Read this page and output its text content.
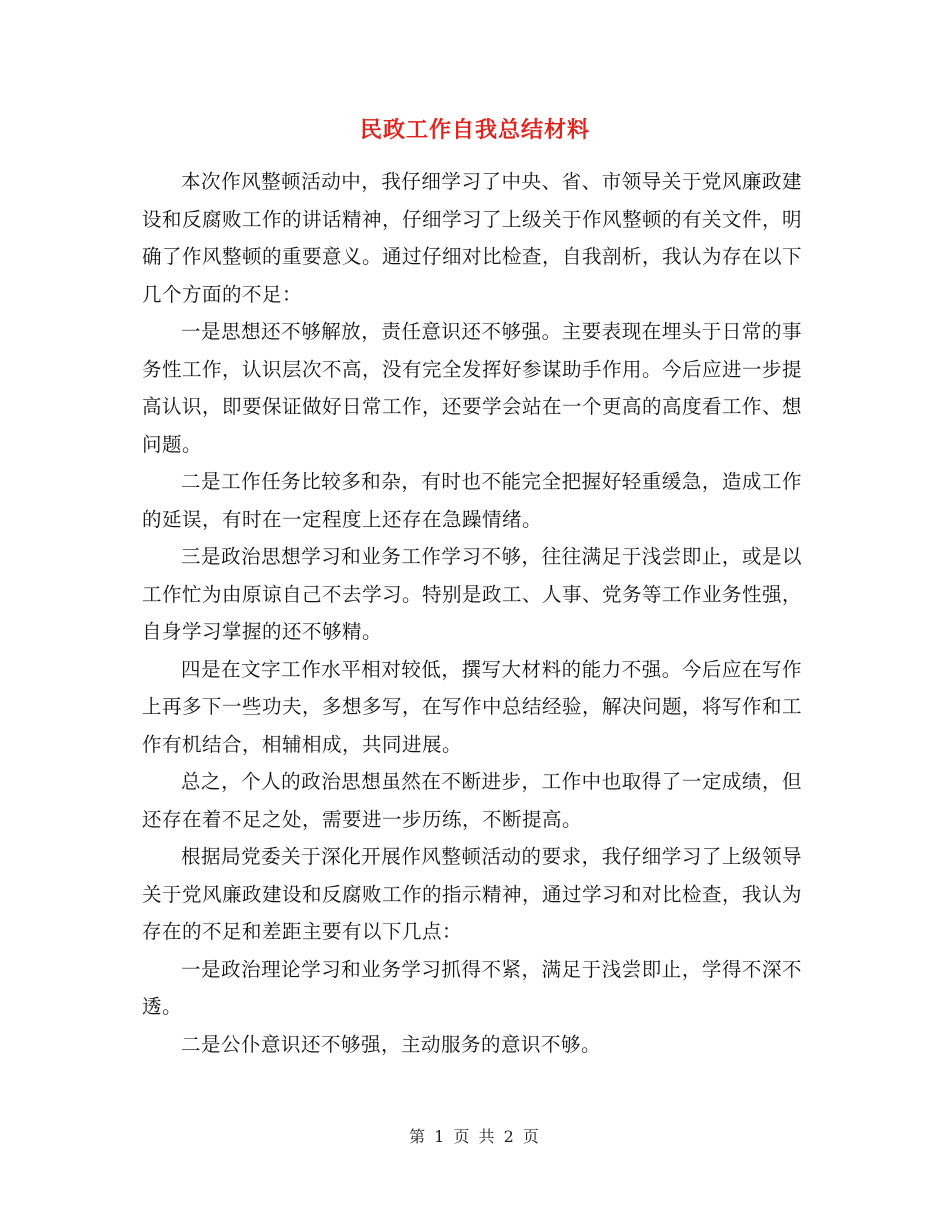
民政工作自我总结材料

本次作风整顿活动中，我仔细学习了中央、省、市领导关于党风廉政建设和反腐败工作的讲话精神，仔细学习了上级关于作风整顿的有关文件，明确了作风整顿的重要意义。通过仔细对比检查，自我剖析，我认为存在以下几个方面的不足：

一是思想还不够解放，责任意识还不够强。主要表现在埋头于日常的事务性工作，认识层次不高，没有完全发挥好参谋助手作用。今后应进一步提高认识，即要保证做好日常工作，还要学会站在一个更高的高度看工作、想问题。

二是工作任务比较多和杂，有时也不能完全把握好轻重缓急，造成工作的延误，有时在一定程度上还存在急躁情绪。

三是政治思想学习和业务工作学习不够，往往满足于浅尝即止，或是以工作忙为由原谅自己不去学习。特别是政工、人事、党务等工作业务性强，自身学习掌握的还不够精。

四是在文字工作水平相对较低，撰写大材料的能力不强。今后应在写作上再多下一些功夫，多想多写，在写作中总结经验，解决问题，将写作和工作有机结合，相辅相成，共同进展。

总之，个人的政治思想虽然在不断进步，工作中也取得了一定成绩，但还存在着不足之处，需要进一步历练，不断提高。

根据局党委关于深化开展作风整顿活动的要求，我仔细学习了上级领导关于党风廉政建设和反腐败工作的指示精神，通过学习和对比检查，我认为存在的不足和差距主要有以下几点：

一是政治理论学习和业务学习抓得不紧，满足于浅尝即止，学得不深不透。

二是公仆意识还不够强，主动服务的意识不够。

第 1 页 共 2 页
